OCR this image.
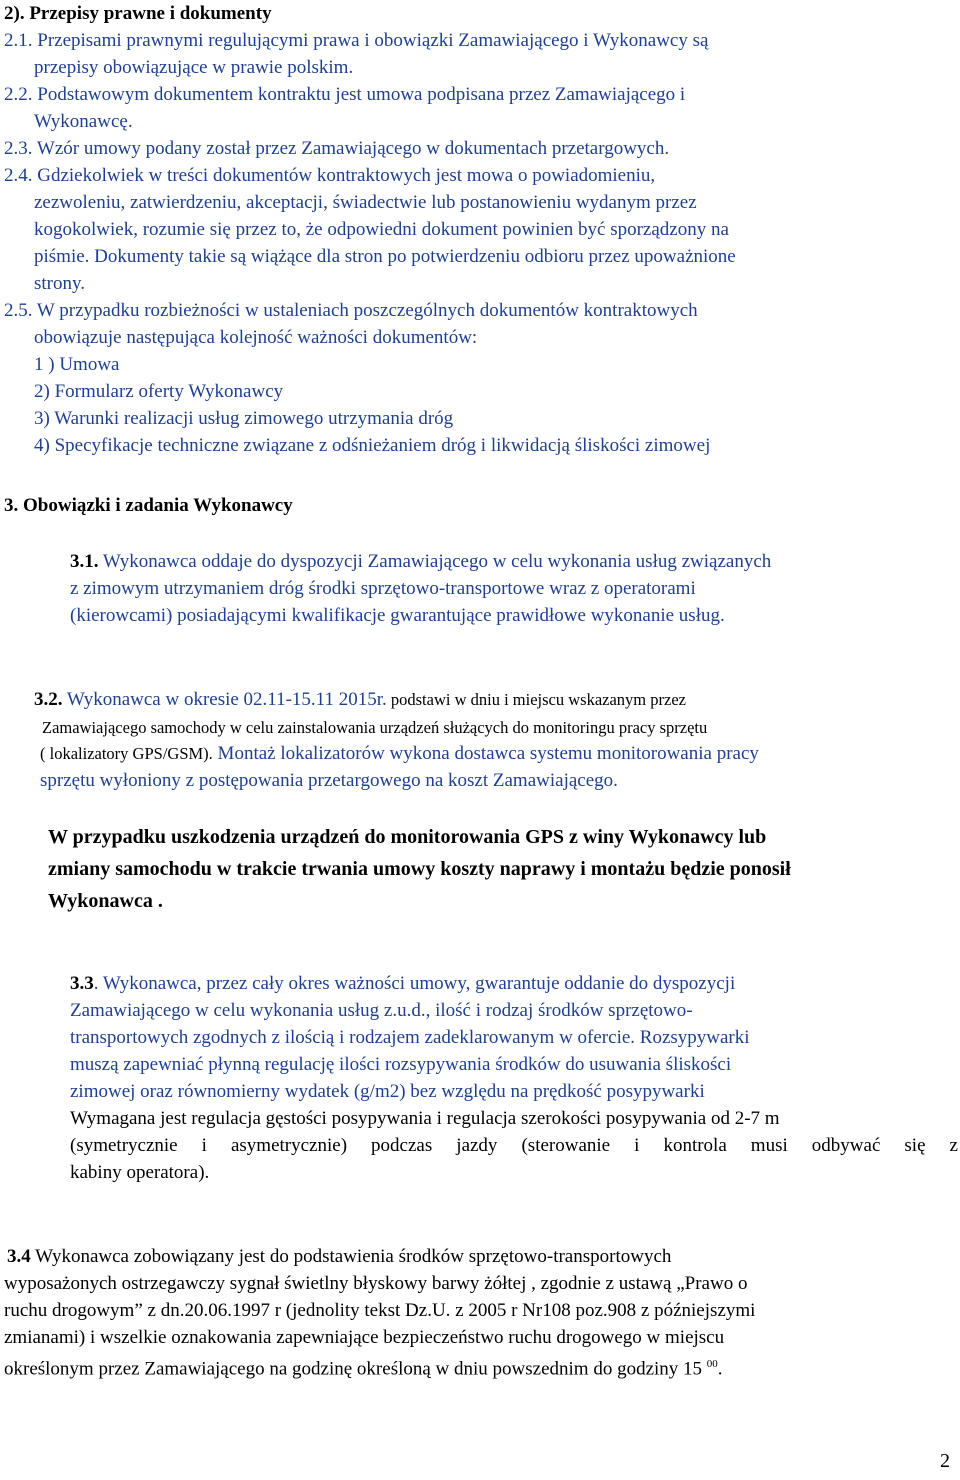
2). Przepisy prawne i dokumenty
2.1. Przepisami prawnymi regulującymi prawa i obowiązki Zamawiającego i Wykonawcy są
przepisy obowiązujące w prawie polskim.
2.2. Podstawowym dokumentem kontraktu jest umowa podpisana przez Zamawiającego i
Wykonawcę.
2.3. Wzór umowy podany został przez Zamawiającego w dokumentach przetargowych.
2.4. Gdziekolwiek w treści dokumentów kontraktowych jest mowa o powiadomieniu,
zezwoleniu, zatwierdzeniu, akceptacji, świadectwie lub postanowieniu wydanym przez
kogokolwiek, rozumie się przez to, że odpowiedni dokument powinien być sporządzony na
piśmie. Dokumenty takie są wiążące dla stron po potwierdzeniu odbioru przez upoważnione
strony.
2.5. W przypadku rozbieżności w ustaleniach poszczególnych dokumentów kontraktowych
obowiązuje następująca kolejność ważności dokumentów:
1 ) Umowa
2) Formularz oferty Wykonawcy
3) Warunki realizacji usług zimowego utrzymania dróg
4) Specyfikacje techniczne związane z odśnieżaniem dróg i likwidacją śliskości zimowej
3. Obowiązki i zadania Wykonawcy
3.1. Wykonawca oddaje do dyspozycji Zamawiającego w celu wykonania usług związanych
z zimowym utrzymaniem dróg środki sprzętowo-transportowe wraz z operatorami
(kierowcami) posiadającymi kwalifikacje gwarantujące prawidłowe wykonanie usług.
3.2. Wykonawca w okresie 02.11-15.11 2015r. podstawi w dniu i miejscu wskazanym przez
Zamawiającego samochody w celu zainstalowania urządzeń służących do monitoringu pracy sprzętu
( lokalizatory GPS/GSM). Montaż lokalizatorów wykona dostawca systemu monitorowania pracy
sprzętu wyłoniony z postępowania przetargowego na koszt Zamawiającego.
W przypadku uszkodzenia urządzeń do monitorowania GPS z winy Wykonawcy lub
zmiany samochodu w trakcie trwania umowy koszty naprawy i montażu będzie ponosił
Wykonawca .
3.3. Wykonawca, przez cały okres ważności umowy, gwarantuje oddanie do dyspozycji
Zamawiającego w celu wykonania usług z.u.d., ilość i rodzaj środków sprzętowo-
transportowych zgodnych z ilością i rodzajem zadeklarowanym w ofercie. Rozsypywarki
muszą zapewniać płynną regulację ilości rozsypywania środków do usuwania śliskości
zimowej oraz równomierny wydatek (g/m2) bez względu na prędkość posypywarki
Wymagana jest regulacja gęstości posypywania i regulacja szerokości posypywania od 2-7 m
(symetrycznie i asymetrycznie) podczas jazdy (sterowanie i kontrola musi odbywać się z
kabiny operatora).
3.4 Wykonawca zobowiązany jest do podstawienia środków sprzętowo-transportowych
wyposażonych ostrzegawczy sygnał świetlny błyskowy barwy żółtej , zgodnie z ustawą „Prawo o
ruchu drogowym” z dn.20.06.1997 r (jednolity tekst Dz.U. z 2005 r Nr108 poz.908 z późniejszymi
zmianami) i wszelkie oznakowania zapewniające bezpieczeństwo ruchu drogowego w miejscu
określonym przez Zamawiającego na godzinę określoną w dniu powszednim do godziny 15 $^{00}$.
2
